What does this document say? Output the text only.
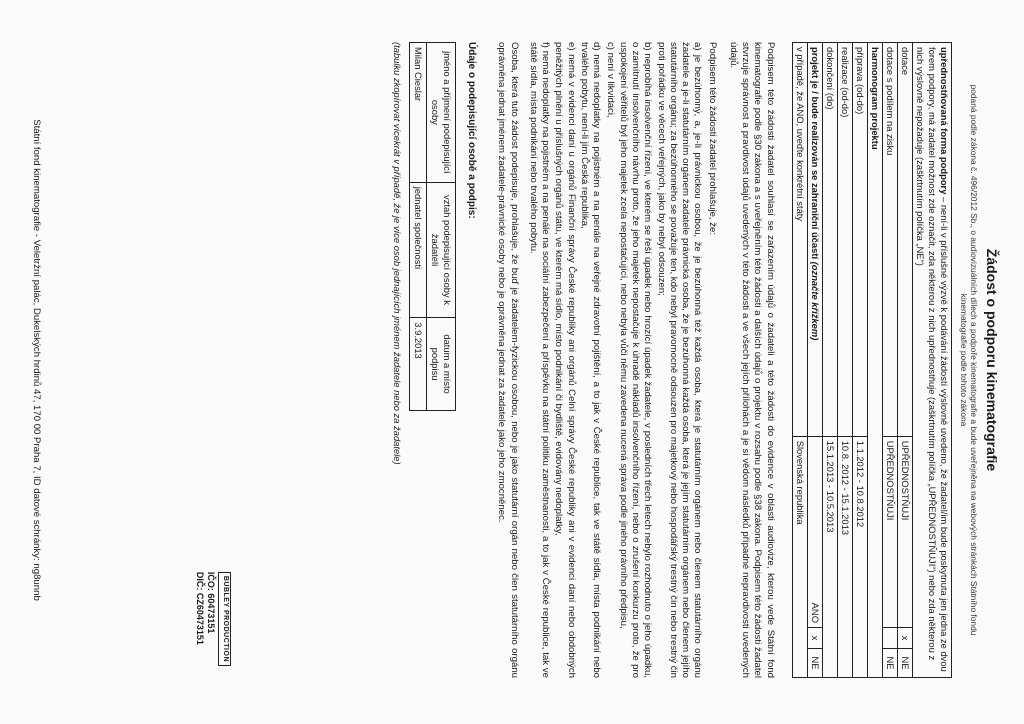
Žádost o podporu kinematografie
podaná podle zákona č. 496/2012 Sb., o audiovizuálních dílech a podpoře kinematografie a bude uveřejněna na webových stránkách Státního fondu kinematografie podle tohoto zákona
upřednostňovaná forma podpory – není-li v příslušné výzvě k podávání žádostí výslovně uvedeno, že žadatel/im bude poskytnuta jen jedna ze dvou forem podpory, má žadatel možnost zde označit, zda některou z nich upřednostňuje (zaškrtnutím políčka „UPŘEDNOSTŇUJI“) nebo zda některou z nich výslovně nepožaduje (zaškrtnutím políčka „NE“)			
dotace	UPŘEDNOSTŇUJI	x	NE
dotace s podílem na zisku	UPŘEDNOSTŇUJI		NE
harmonogram projektu			
příprava (od-do)	1.1.2012 - 10.8.2012		
realizace (od-do)	10.8. 2012 - 15.1.2013		
dokončení (do)	15.1.2013 - 10.5.2013		
projekt je / bude realizován se zahraniční účastí (označte křížkem)	ANO	x	NE
v případě, že ANO, uveďte konkrétní státy	Slovenská republika		

Podpisem této žádosti žadatel souhlasí se zařazením údajů o žadateli a této žádosti do evidence v oblasti audiovize, kterou vede Státní fond kinematografie podle §30 zákona a s uveřejněním této žádosti a dalších údajů o projektu v rozsahu podle §38 zákona. Podpisem této žádosti žadatel stvrzuje správnost a pravdivost údajů uvedených v této žádosti a ve všech jejích přílohách a je si vědom následků případné nepravdivosti uvedených údajů.

Podpisem této žádosti žadatel prohlašuje, že:

a) je bezúhonný, a, je-li právnickou osobou, že je bezúhonná též každá osoba, která je statutárním orgánem nebo členem statutárního orgánu žadatele a je-li statutárním orgánem žadatele právnická osoba, že je bezúhonná každá osoba, která je jejím statutárním orgánem nebo členem jejího statutárního orgánu; za bezúhonného se považuje ten, kdo nebyl pravomocně odsouzen pro majetkový nebo hospodářský trestný čin nebo trestný čin proti pořádku ve věcech veřejných, jako by nebyl odsouzen;

b) neprobíhá insolvenční řízení, ve kterém se řeší úpadek nebo hrozící úpadek žadatele, v posledních třech letech nebylo rozhodnuto o jeho úpadku, o zamítnutí insolvenčního návrhu proto, že jeho majetek nepostačuje k úhradě nákladů insolvenčního řízení, nebo o zrušení konkurzu proto, že pro uspokojení věřitelů byl jeho majetek zcela nepostačující, nebo nebyla vůči němu zavedena nucená správa podle jiného právního předpisu,

c) není v likvidaci,

d) nemá nedoplatky na pojistném a na penále na veřejné zdravotní pojištění, a to jak v České republice, tak ve státě sídla, místa podnikání nebo trvalého pobytu, není-li jím Česká republika,

e) nemá v evidenci daní u orgánů Finanční správy České republiky ani orgánů Celní správy České republiky ani v evidenci daní nebo obdobných peněžitých plnění u příslušných orgánů státu, ve kterém má sídlo, místo podnikání či bydliště, evidovány nedoplatky,

f) nemá nedoplatky na pojistném a na penále na sociální zabezpečení a příspěvku na státní politiku zaměstnanosti, a to jak v České republice, tak ve státě sídla, místa podnikání nebo trvalého pobytu.

Osoba, která tuto žádost podepisuje, prohlašuje, že buď je žadatelem-fyzickou osobou, nebo je jako statutární orgán nebo člen statutárního orgánu oprávněna jednat jménem žadatele-právnické osoby nebo je oprávněna jednat za žadatele jako jeho zmocněnec.

Údaje o podepisující osobě a podpis:
jméno a příjmení podepisující osoby	vztah podepisující osoby k žadateli	datum a místo podpisu
Milan Cieslar	jednatel společnosti	3.9.2013
(tabulku zkopírovat vícekrát v případě, že je více osob jednajících jménem žadatele nebo za žadatele)
BUBLEY PRODUCTION
IČO: 60473151
DIČ: CZ60473151
Státní fond kinematografie - Veletržní palác, Dukelských hrdinů 47, 170 00 Praha 7, ID datové schránky: ng8unnb
